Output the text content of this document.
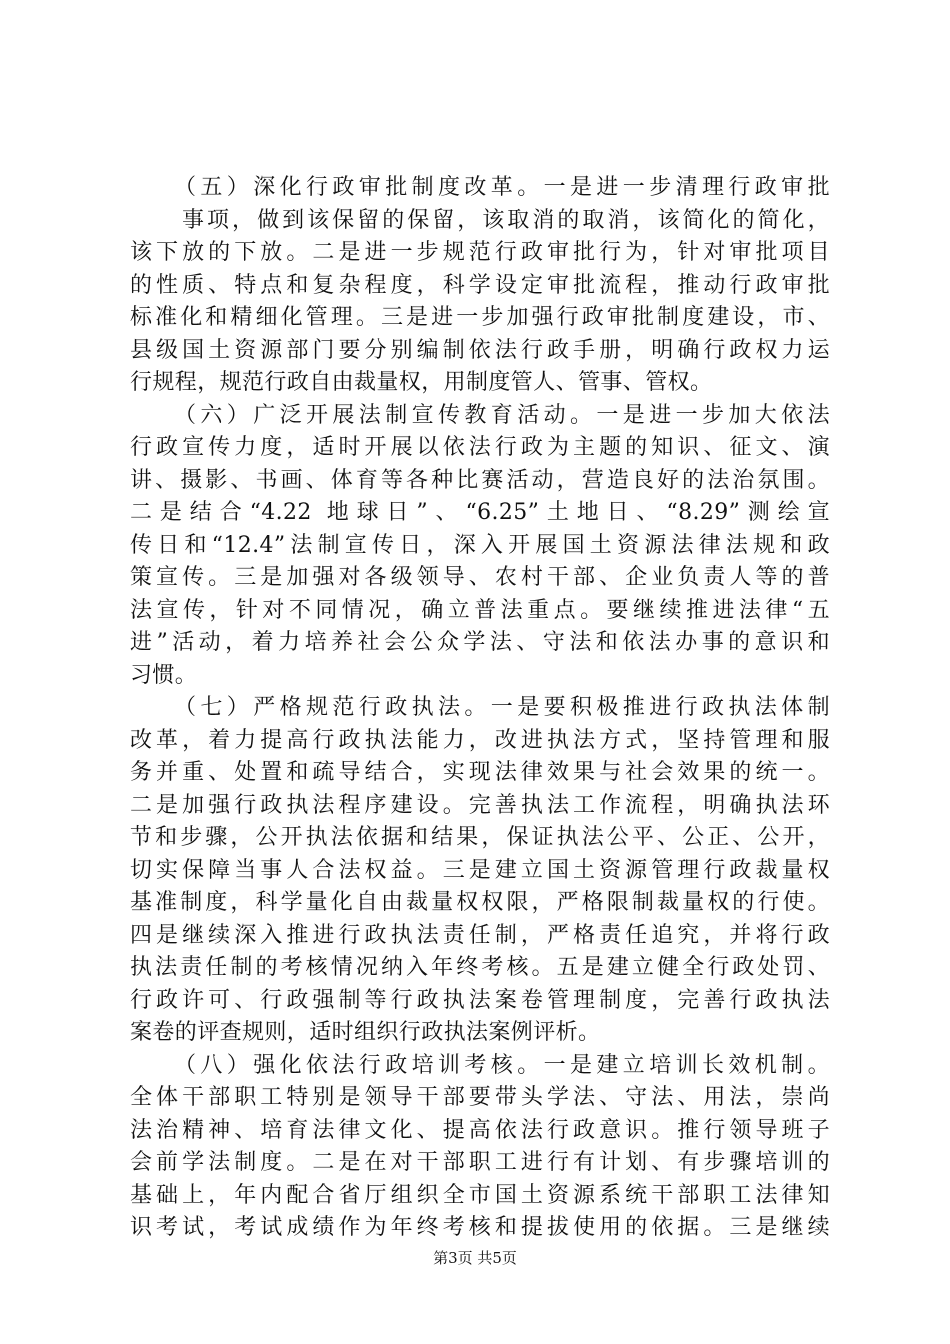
（五）深化行政审批制度改革。一是进一步清理行政审批
事项，做到该保留的保留，该取消的取消，该简化的简化，
该下放的下放。二是进一步规范行政审批行为，针对审批项目
的性质、特点和复杂程度，科学设定审批流程，推动行政审批
标准化和精细化管理。三是进一步加强行政审批制度建设，市、
县级国土资源部门要分别编制依法行政手册，明确行政权力运
行规程，规范行政自由裁量权，用制度管人、管事、管权。
（六）广泛开展法制宣传教育活动。一是进一步加大依法
行政宣传力度，适时开展以依法行政为主题的知识、征文、演
讲、摄影、书画、体育等各种比赛活动，营造良好的法治氛围。
二是结合“4.22 地球日”、“6.25”土地日、“8.29”测绘宣
传日和“12.4”法制宣传日，深入开展国土资源法律法规和政
策宣传。三是加强对各级领导、农村干部、企业负责人等的普
法宣传，针对不同情况，确立普法重点。要继续推进法律“五
进”活动，着力培养社会公众学法、守法和依法办事的意识和
习惯。
（七）严格规范行政执法。一是要积极推进行政执法体制
改革，着力提高行政执法能力，改进执法方式，坚持管理和服
务并重、处置和疏导结合，实现法律效果与社会效果的统一。
二是加强行政执法程序建设。完善执法工作流程，明确执法环
节和步骤，公开执法依据和结果，保证执法公平、公正、公开，
切实保障当事人合法权益。三是建立国土资源管理行政裁量权
基准制度，科学量化自由裁量权权限，严格限制裁量权的行使。
四是继续深入推进行政执法责任制，严格责任追究，并将行政
执法责任制的考核情况纳入年终考核。五是建立健全行政处罚、
行政许可、行政强制等行政执法案卷管理制度，完善行政执法
案卷的评查规则，适时组织行政执法案例评析。
（八）强化依法行政培训考核。一是建立培训长效机制。
全体干部职工特别是领导干部要带头学法、守法、用法，崇尚
法治精神、培育法律文化、提高依法行政意识。推行领导班子
会前学法制度。二是在对干部职工进行有计划、有步骤培训的
基础上，年内配合省厅组织全市国土资源系统干部职工法律知
识考试，考试成绩作为年终考核和提拔使用的依据。三是继续
第3页 共5页
